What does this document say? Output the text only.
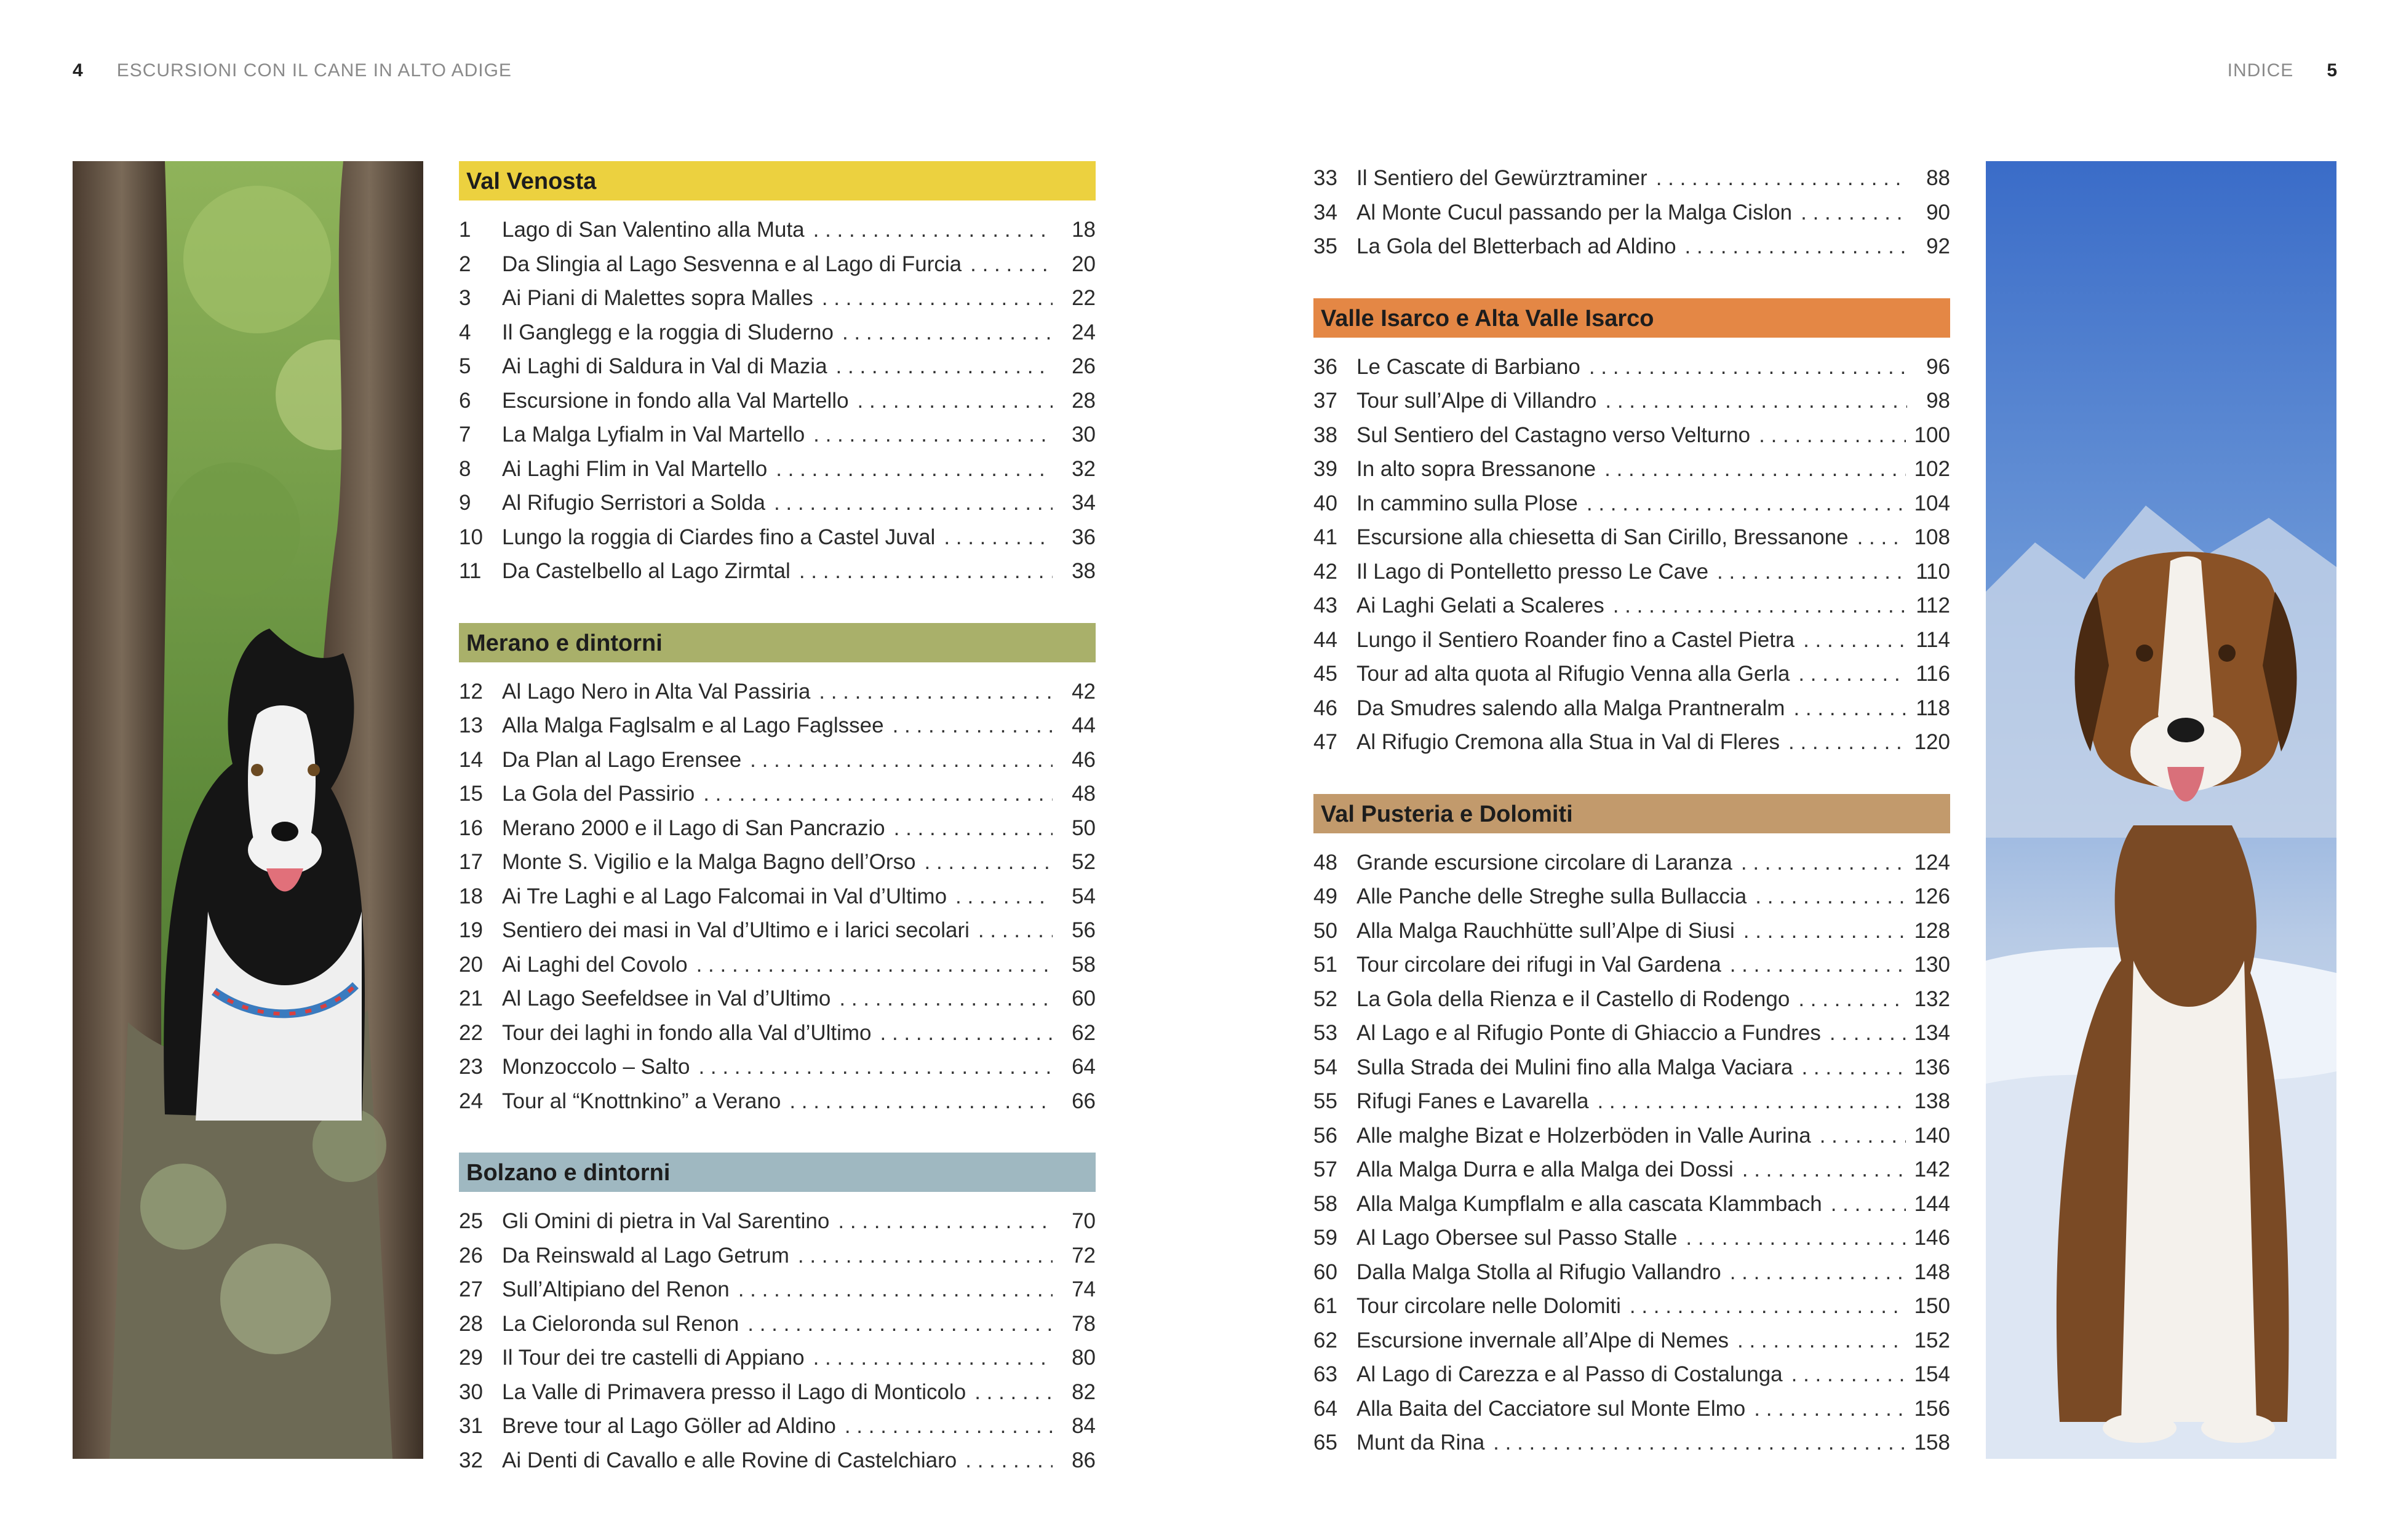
4 ESCURSIONI CON IL CANE IN ALTO ADIGE	INDICE 5
Val Venosta
1	Lago di San Valentino alla Muta . . .	18
2	Da Slingia al Lago Sesvenna e al Lago di Furcia . . .	20
3	Ai Piani di Malettes sopra Malles . . .	22
4	Il Ganglegg e la roggia di Sluderno . . .	24
5	Ai Laghi di Saldura in Val di Mazia . . .	26
6	Escursione in fondo alla Val Martello . . .	28
7	La Malga Lyfialm in Val Martello . . .	30
8	Ai Laghi Flim in Val Martello . . .	32
9	Al Rifugio Serristori a Solda . . .	34
10 Lungo la roggia di Ciardes fino a Castel Juval . . .	36
11 Da Castelbello al Lago Zirmtal . . .	38
Merano e dintorni
12 Al Lago Nero in Alta Val Passiria . . .	42
13 Alla Malga Faglsalm e al Lago Faglssee . . .	44
14 Da Plan al Lago Erensee . . .	46
15 La Gola del Passirio . . .	48
16 Merano 2000 e il Lago di San Pancrazio . . .	50
17 Monte S. Vigilio e la Malga Bagno dell’Orso . . .	52
18 Ai Tre Laghi e al Lago Falcomai in Val d’Ultimo . . .	54
19 Sentiero dei masi in Val d’Ultimo e i larici secolari . . .	56
20 Ai Laghi del Covolo . . .	58
21 Al Lago Seefeldsee in Val d’Ultimo . . .	60
22 Tour dei laghi in fondo alla Val d’Ultimo . . .	62
23 Monzoccolo – Salto . . .	64
24 Tour al “Knottnkino” a Verano . . .	66
Bolzano e dintorni
25 Gli Omini di pietra in Val Sarentino . . .	70
26 Da Reinswald al Lago Getrum . . .	72
27 Sull’Altipiano del Renon . . .	74
28 La Cieloronda sul Renon . . .	78
29 Il Tour dei tre castelli di Appiano . . .	80
30 La Valle di Primavera presso il Lago di Monticolo . . .	82
31 Breve tour al Lago Göller ad Aldino . . .	84
32 Ai Denti di Cavallo e alle Rovine di Castelchiaro . . .	86
33 Il Sentiero del Gewürztraminer . . .	88
34 Al Monte Cucul passando per la Malga Cislon . . .	90
35 La Gola del Bletterbach ad Aldino . . .	92
Valle Isarco e Alta Valle Isarco
36 Le Cascate di Barbiano . . .	96
37 Tour sull’Alpe di Villandro . . .	98
38 Sul Sentiero del Castagno verso Velturno . . .	100
39 In alto sopra Bressanone . . .	102
40 In cammino sulla Plose . . .	104
41 Escursione alla chiesetta di San Cirillo, Bressanone . . .	108
42 Il Lago di Pontelletto presso Le Cave . . .	110
43 Ai Laghi Gelati a Scaleres . . .	112
44 Lungo il Sentiero Roander fino a Castel Pietra . . .	114
45 Tour ad alta quota al Rifugio Venna alla Gerla . . .	116
46 Da Smudres salendo alla Malga Prantneralm . . .	118
47 Al Rifugio Cremona alla Stua in Val di Fleres . . .	120
Val Pusteria e Dolomiti
48 Grande escursione circolare di Laranza . . .	124
49 Alle Panche delle Streghe sulla Bullaccia . . .	126
50 Alla Malga Rauchhütte sull’Alpe di Siusi . . .	128
51 Tour circolare dei rifugi in Val Gardena . . .	130
52 La Gola della Rienza e il Castello di Rodengo . . .	132
53 Al Lago e al Rifugio Ponte di Ghiaccio a Fundres . . .	134
54 Sulla Strada dei Mulini fino alla Malga Vaciara . . .	136
55 Rifugi Fanes e Lavarella . . .	138
56 Alle malghe Bizat e Holzerböden in Valle Aurina . . .	140
57 Alla Malga Durra e alla Malga dei Dossi . . .	142
58 Alla Malga Kumpflalm e alla cascata Klammbach . . .	144
59 Al Lago Obersee sul Passo Stalle . . .	146
60 Dalla Malga Stolla al Rifugio Vallandro . . .	148
61 Tour circolare nelle Dolomiti . . .	150
62 Escursione invernale all’Alpe di Nemes . . .	152
63 Al Lago di Carezza e al Passo di Costalunga . . .	154
64 Alla Baita del Cacciatore sul Monte Elmo . . .	156
65 Munt da Rina . . .	158
